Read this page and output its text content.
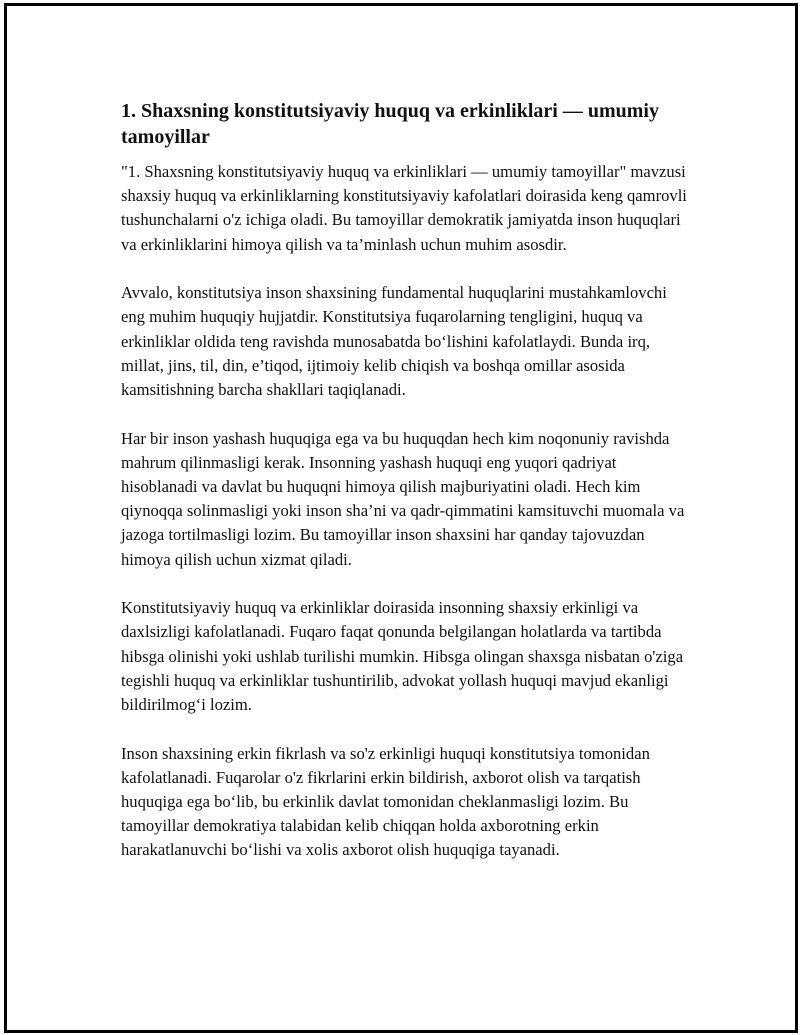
1. Shaxsning konstitutsiyaviy huquq va erkinliklari — umumiy tamoyillar

"1. Shaxsning konstitutsiyaviy huquq va erkinliklari — umumiy tamoyillar" mavzusi shaxsiy huquq va erkinliklarning konstitutsiyaviy kafolatlari doirasida keng qamrovli tushunchalarni o'z ichiga oladi. Bu tamoyillar demokratik jamiyatda inson huquqlari va erkinliklarini himoya qilish va ta’minlash uchun muhim asosdir.

Avvalo, konstitutsiya inson shaxsining fundamental huquqlarini mustahkamlovchi eng muhim huquqiy hujjatdir. Konstitutsiya fuqarolarning tengligini, huquq va erkinliklar oldida teng ravishda munosabatda bo‘lishini kafolatlaydi. Bunda irq, millat, jins, til, din, e’tiqod, ijtimoiy kelib chiqish va boshqa omillar asosida kamsitishning barcha shakllari taqiqlanadi.

Har bir inson yashash huquqiga ega va bu huquqdan hech kim noqonuniy ravishda mahrum qilinmasligi kerak. Insonning yashash huquqi eng yuqori qadriyat hisoblanadi va davlat bu huquqni himoya qilish majburiyatini oladi. Hech kim qiynoqqa solinmasligi yoki inson sha’ni va qadr-qimmatini kamsituvchi muomala va jazoga tortilmasligi lozim. Bu tamoyillar inson shaxsini har qanday tajovuzdan himoya qilish uchun xizmat qiladi.

Konstitutsiyaviy huquq va erkinliklar doirasida insonning shaxsiy erkinligi va daxlsizligi kafolatlanadi. Fuqaro faqat qonunda belgilangan holatlarda va tartibda hibsga olinishi yoki ushlab turilishi mumkin. Hibsga olingan shaxsga nisbatan o'ziga tegishli huquq va erkinliklar tushuntirilib, advokat yollash huquqi mavjud ekanligi bildirilmog‘i lozim.

Inson shaxsining erkin fikrlash va so'z erkinligi huquqi konstitutsiya tomonidan kafolatlanadi. Fuqarolar o'z fikrlarini erkin bildirish, axborot olish va tarqatish huquqiga ega bo‘lib, bu erkinlik davlat tomonidan cheklanmasligi lozim. Bu tamoyillar demokratiya talabidan kelib chiqqan holda axborotning erkin harakatlanuvchi bo‘lishi va xolis axborot olish huquqiga tayanadi.
